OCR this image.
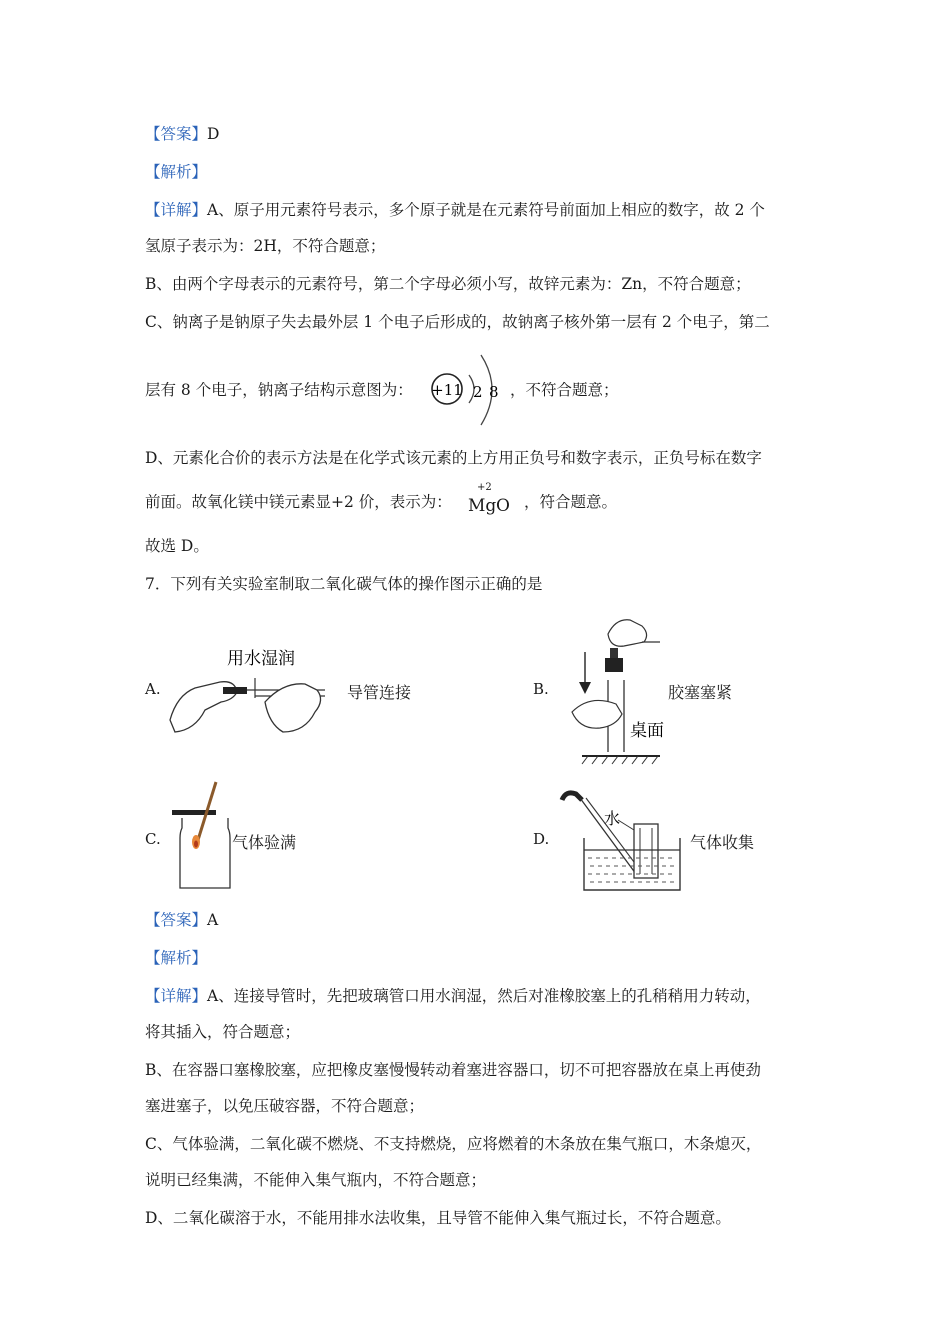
【答案】D
【解析】
【详解】A、原子用元素符号表示，多个原子就是在元素符号前面加上相应的数字，故 2 个
氢原子表示为：2H，不符合题意；
B、由两个字母表示的元素符号，第二个字母必须小写，故锌元素为：Zn，不符合题意；
C、钠离子是钠原子失去最外层 1 个电子后形成的，故钠离子核外第一层有 2 个电子，第二
层有 8 个电子，钠离子结构示意图为： +11 2 8 ，不符合题意；
D、元素化合价的表示方法是在化学式该元素的上方用正负号和数字表示，正负号标在数字
前面。故氧化镁中镁元素显+2 价，表示为：
+2
Mg O ，符合题意。
故选 D。
7．下列有关实验室制取二氧化碳气体的操作图示正确的是
A.
用水湿润
导管连接	B.
桌面
胶塞塞紧
C.	气体验满	D.
水
气体收集
【答案】A
【解析】
【详解】A、连接导管时，先把玻璃管口用水润湿，然后对准橡胶塞上的孔稍稍用力转动，
将其插入，符合题意；
B、在容器口塞橡胶塞，应把橡皮塞慢慢转动着塞进容器口，切不可把容器放在桌上再使劲
塞进塞子，以免压破容器，不符合题意；
C、气体验满，二氧化碳不燃烧、不支持燃烧，应将燃着的木条放在集气瓶口，木条熄灭，
说明已经集满，不能伸入集气瓶内，不符合题意；
D、二氧化碳溶于水，不能用排水法收集，且导管不能伸入集气瓶过长，不符合题意。
